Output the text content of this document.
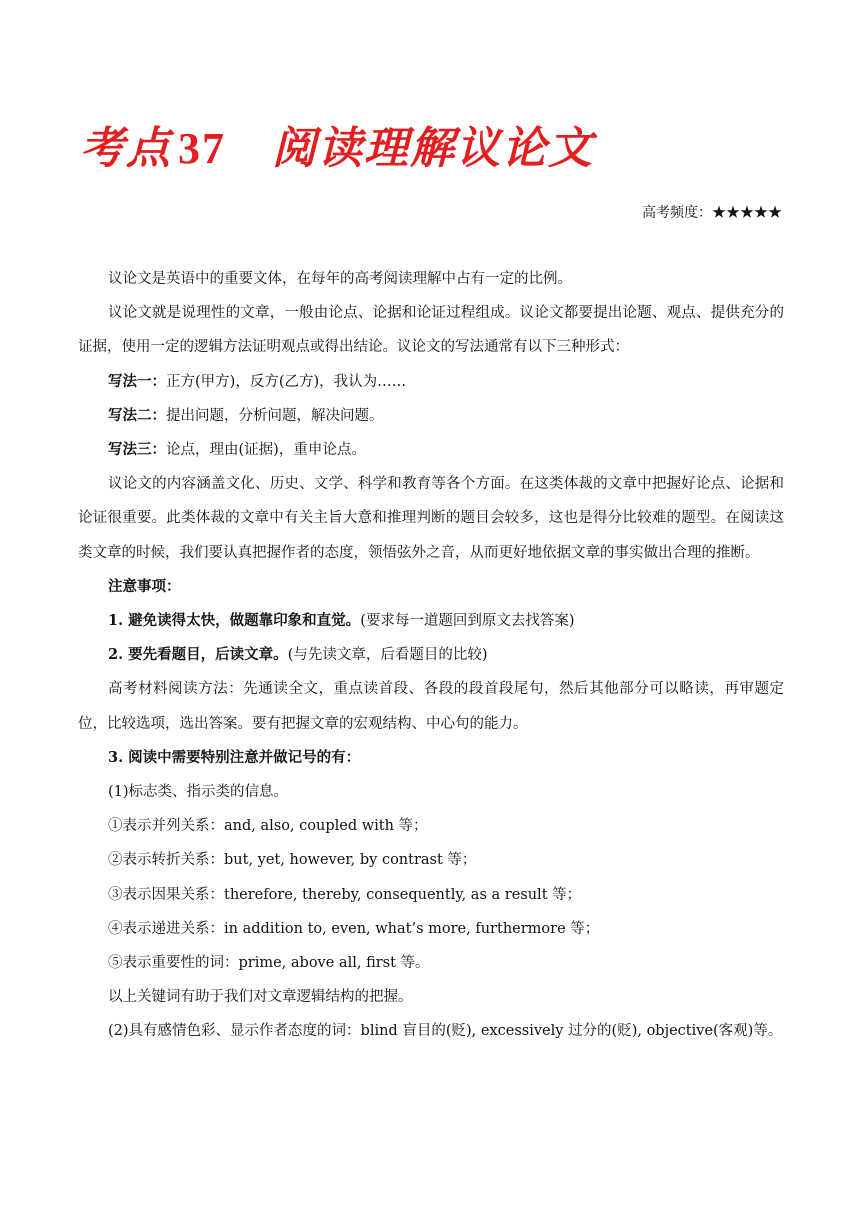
考点 37 阅读理解议论文
高考频度：★★★★★

议论文是英语中的重要文体，在每年的高考阅读理解中占有一定的比例。

议论文就是说理性的文章，一般由论点、论据和论证过程组成。议论文都要提出论题、观点、提供充分的证据，使用一定的逻辑方法证明观点或得出结论。议论文的写法通常有以下三种形式：

写法一：正方(甲方)，反方(乙方)，我认为……

写法二：提出问题，分析问题，解决问题。

写法三：论点，理由(证据)，重申论点。

议论文的内容涵盖文化、历史、文学、科学和教育等各个方面。在这类体裁的文章中把握好论点、论据和论证很重要。此类体裁的文章中有关主旨大意和推理判断的题目会较多，这也是得分比较难的题型。在阅读这类文章的时候，我们要认真把握作者的态度，领悟弦外之音，从而更好地依据文章的事实做出合理的推断。

注意事项：

1. 避免读得太快，做题靠印象和直觉。(要求每一道题回到原文去找答案)

2. 要先看题目，后读文章。(与先读文章，后看题目的比较)

高考材料阅读方法：先通读全文，重点读首段、各段的段首段尾句，然后其他部分可以略读，再审题定位，比较选项，选出答案。要有把握文章的宏观结构、中心句的能力。

3. 阅读中需要特别注意并做记号的有：

(1)标志类、指示类的信息。

①表示并列关系：and, also, coupled with 等；

②表示转折关系：but, yet, however, by contrast 等；

③表示因果关系：therefore, thereby, consequently, as a result 等；

④表示递进关系：in addition to, even, what’s more, furthermore 等；

⑤表示重要性的词：prime, above all, first 等。

以上关键词有助于我们对文章逻辑结构的把握。

(2)具有感情色彩、显示作者态度的词：blind 盲目的(贬), excessively 过分的(贬), objective(客观)等。
